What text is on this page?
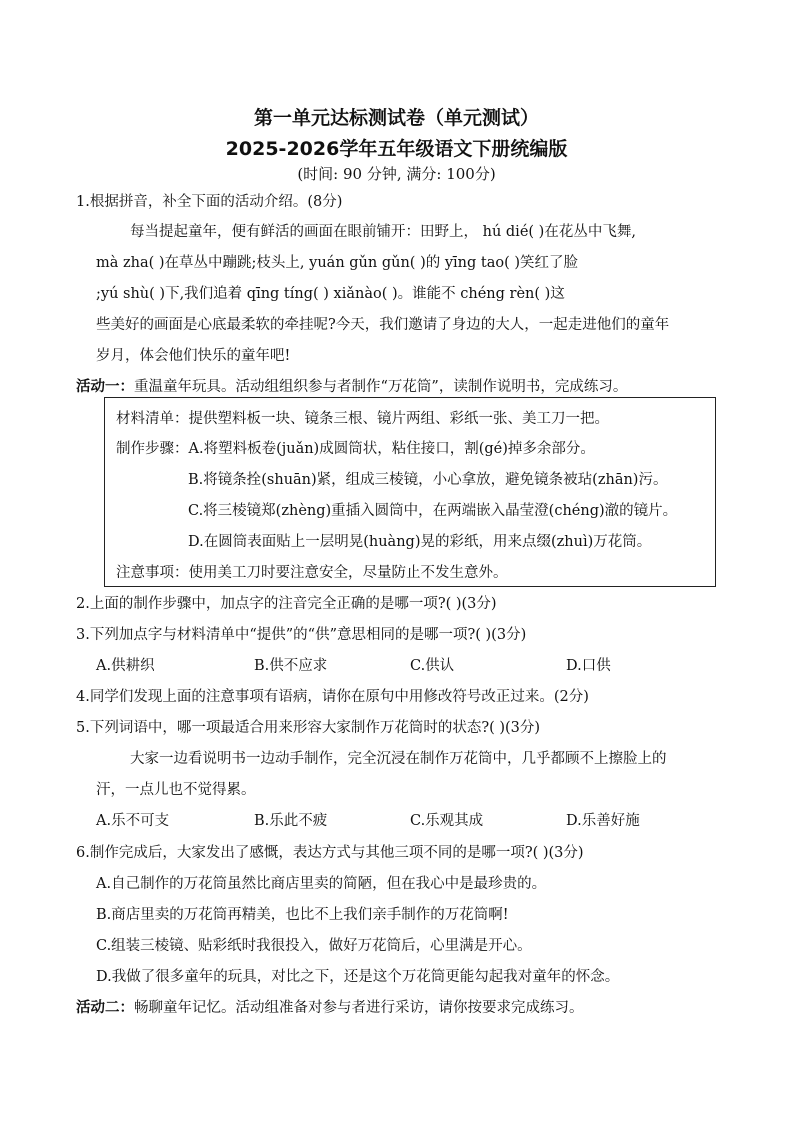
第一单元达标测试卷（单元测试）
2025-2026学年五年级语文下册统编版
(时间: 90 分钟, 满分: 100分)
1.根据拼音，补全下面的活动介绍。(8分)
每当提起童年，便有鲜活的画面在眼前铺开：田野上， hú dié( )在花丛中飞舞,
mà zha( )在草丛中蹦跳;枝头上, yuán gǔn gǔn( )的 yīng tao( )笑红了脸
;yú shù( )下,我们追着 qīng tíng( ) xiǎnào( )。谁能不 chéng rèn( )这
些美好的画面是心底最柔软的牵挂呢?今天，我们邀请了身边的大人，一起走进他们的童年
岁月，体会他们快乐的童年吧!
活动一：重温童年玩具。活动组组织参与者制作“万花筒”，读制作说明书，完成练习。
材料清单：提供塑料板一块、镜条三根、镜片两组、彩纸一张、美工刀一把。
制作步骤：A.将塑料板卷(juǎn)成圆筒状，粘住接口，割(gé)掉多余部分。
B.将镜条拴(shuān)紧，组成三棱镜，小心拿放，避免镜条被玷(zhān)污。
C.将三棱镜郑(zhèng)重插入圆筒中，在两端嵌入晶莹澄(chéng)澈的镜片。
D.在圆筒表面贴上一层明晃(huàng)晃的彩纸，用来点缀(zhuì)万花筒。
注意事项：使用美工刀时要注意安全，尽量防止不发生意外。
2.上面的制作步骤中，加点字的注音完全正确的是哪一项?( )(3分)
3.下列加点字与材料清单中“提供”的“供”意思相同的是哪一项?( )(3分)
A.供耕织	B.供不应求	C.供认	D.口供
4.同学们发现上面的注意事项有语病，请你在原句中用修改符号改正过来。(2分)
5.下列词语中，哪一项最适合用来形容大家制作万花筒时的状态?( )(3分)
大家一边看说明书一边动手制作，完全沉浸在制作万花筒中，几乎都顾不上擦脸上的
汗，一点儿也不觉得累。
A.乐不可支	B.乐此不疲	C.乐观其成	D.乐善好施
6.制作完成后，大家发出了感慨，表达方式与其他三项不同的是哪一项?( )(3分)
A.自己制作的万花筒虽然比商店里卖的简陋，但在我心中是最珍贵的。
B.商店里卖的万花筒再精美，也比不上我们亲手制作的万花筒啊!
C.组装三棱镜、贴彩纸时我很投入，做好万花筒后，心里满是开心。
D.我做了很多童年的玩具，对比之下，还是这个万花筒更能勾起我对童年的怀念。
活动二：畅聊童年记忆。活动组准备对参与者进行采访，请你按要求完成练习。
